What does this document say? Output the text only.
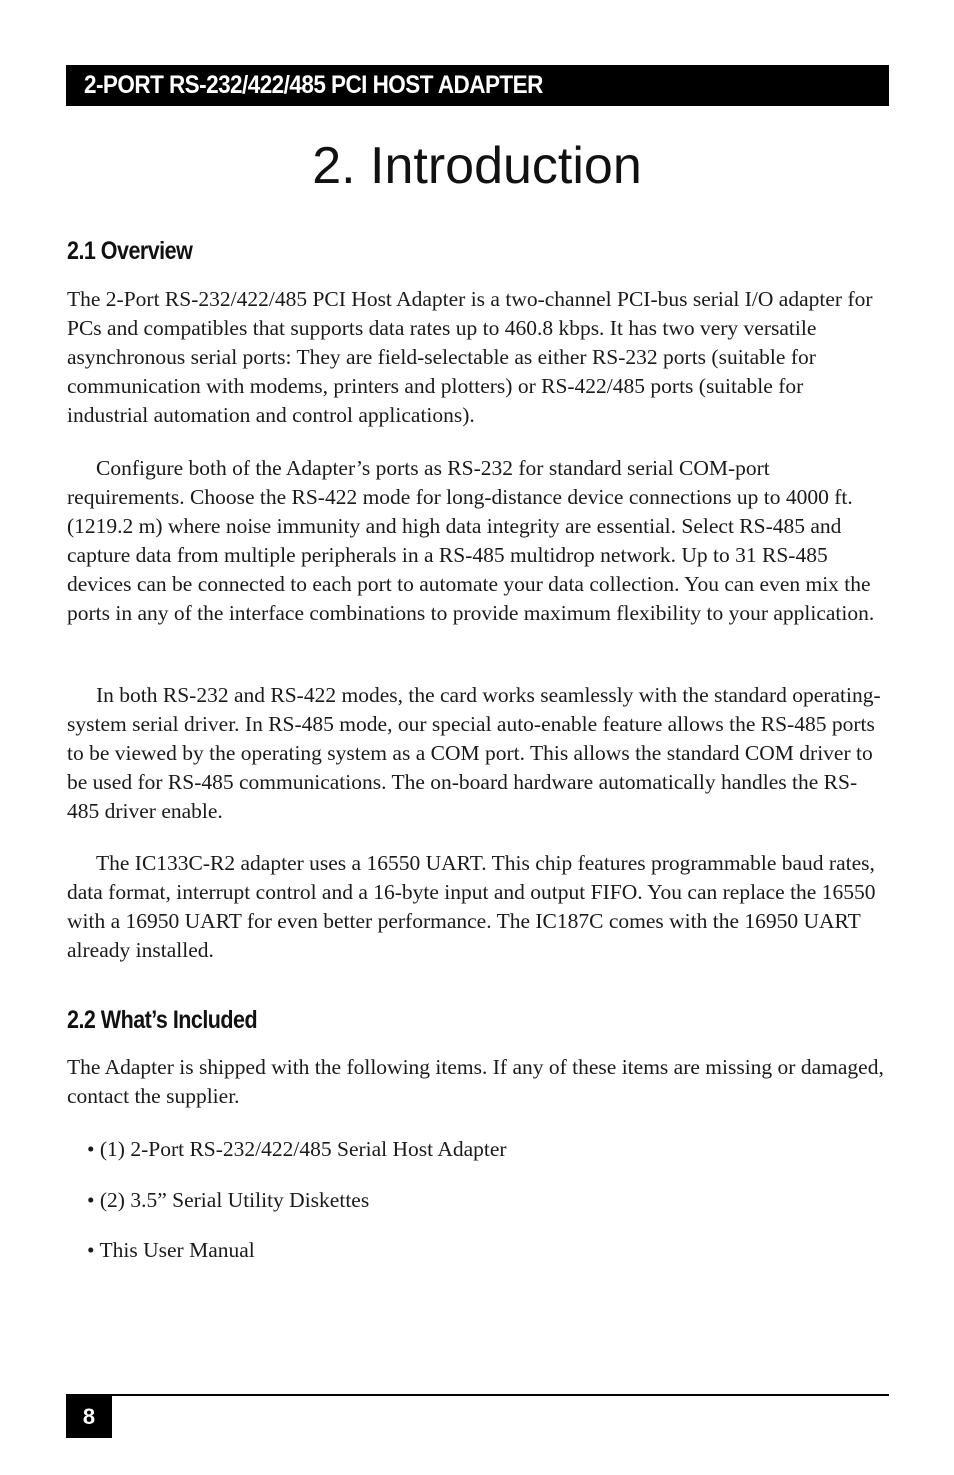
2-PORT RS-232/422/485 PCI HOST ADAPTER
2. Introduction
2.1 Overview

The 2-Port RS-232/422/485 PCI Host Adapter is a two-channel PCI-bus serial I/O adapter for PCs and compatibles that supports data rates up to 460.8 kbps. It has two very versatile asynchronous serial ports: They are field-selectable as either RS-232 ports (suitable for communication with modems, printers and plotters) or RS-422/485 ports (suitable for industrial automation and control applications).

Configure both of the Adapter’s ports as RS-232 for standard serial COM-port requirements. Choose the RS-422 mode for long-distance device connections up to 4000 ft. (1219.2 m) where noise immunity and high data integrity are essential. Select RS-485 and capture data from multiple peripherals in a RS-485 multidrop network. Up to 31 RS-485 devices can be connected to each port to automate your data collection. You can even mix the ports in any of the interface combinations to provide maximum flexibility to your application.

In both RS-232 and RS-422 modes, the card works seamlessly with the standard operating-system serial driver. In RS-485 mode, our special auto-enable feature allows the RS-485 ports to be viewed by the operating system as a COM port. This allows the standard COM driver to be used for RS-485 communications. The on-board hardware automatically handles the RS-485 driver enable.

The IC133C-R2 adapter uses a 16550 UART. This chip features programmable baud rates, data format, interrupt control and a 16-byte input and output FIFO. You can replace the 16550 with a 16950 UART for even better performance. The IC187C comes with the 16950 UART already installed.

2.2 What’s Included

The Adapter is shipped with the following items. If any of these items are missing or damaged, contact the supplier.

• (1) 2-Port RS-232/422/485 Serial Host Adapter

• (2) 3.5” Serial Utility Diskettes

• This User Manual

8
